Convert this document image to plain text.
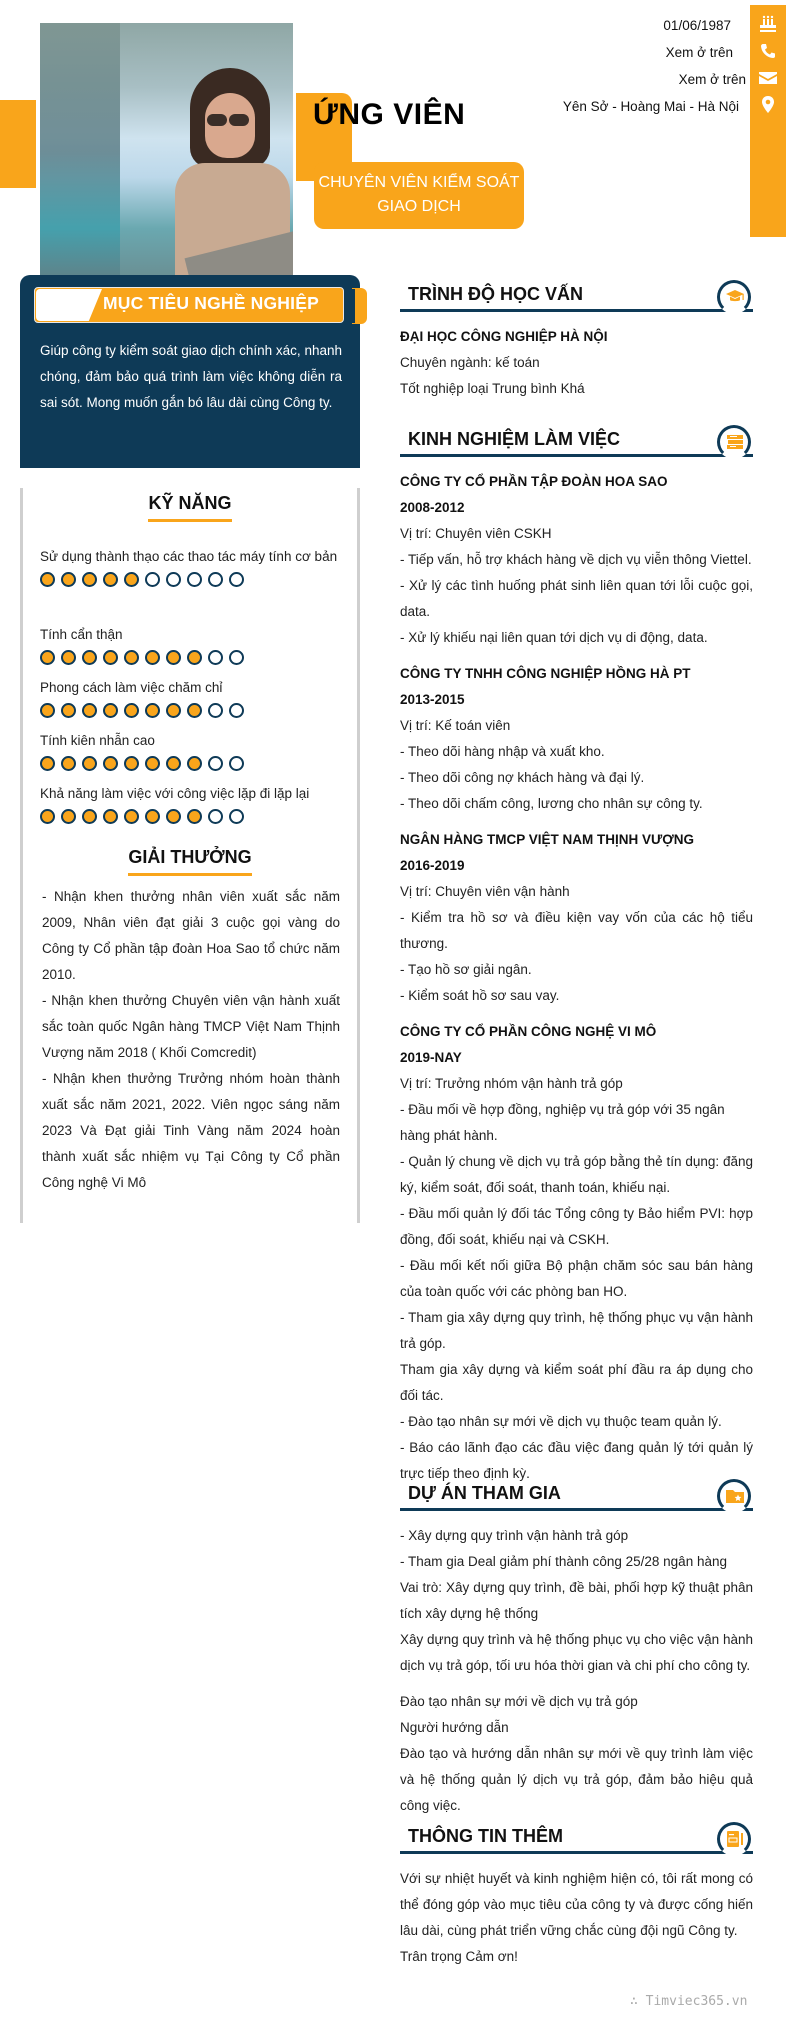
ỨNG VIÊN
CHUYÊN VIÊN KIỂM SOÁT
GIAO DỊCH
01/06/1987
Xem ở trên
Xem ở trên
Yên Sở - Hoàng Mai - Hà Nội
MỤC TIÊU NGHỀ NGHIỆP
Giúp công ty kiểm soát giao dịch chính xác, nhanh chóng, đảm bảo quá trình làm việc không diễn ra sai sót. Mong muốn gắn bó lâu dài cùng Công ty.
KỸ NĂNG
Sử dụng thành thạo các thao tác máy tính cơ bản
Tính cẩn thận
Phong cách làm việc chăm chỉ
Tính kiên nhẫn cao
Khả năng làm việc với công việc lặp đi lặp lại
GIẢI THƯỞNG
- Nhận khen thưởng nhân viên xuất sắc năm 2009, Nhân viên đạt giải 3 cuộc gọi vàng do Công ty Cổ phần tập đoàn Hoa Sao tổ chức năm 2010.
- Nhận khen thưởng Chuyên viên vận hành xuất sắc toàn quốc Ngân hàng TMCP Việt Nam Thịnh Vượng năm 2018 ( Khối Comcredit)
- Nhận khen thưởng Trưởng nhóm hoàn thành xuất sắc năm 2021, 2022. Viên ngọc sáng năm 2023 Và Đạt giải Tinh Vàng năm 2024 hoàn thành xuất sắc nhiệm vụ Tại Công ty Cổ phần Công nghệ Vi Mô
TRÌNH ĐỘ HỌC VẤN
ĐẠI HỌC CÔNG NGHIỆP HÀ NỘI
Chuyên ngành: kế toán
Tốt nghiệp loại Trung bình Khá
KINH NGHIỆM LÀM VIỆC
CÔNG TY CỔ PHẦN TẬP ĐOÀN HOA SAO
2008-2012
Vị trí: Chuyên viên CSKH
- Tiếp vấn, hỗ trợ khách hàng về dịch vụ viễn thông Viettel.
- Xử lý các tình huống phát sinh liên quan tới lỗi cuộc gọi, data.
- Xử lý khiếu nại liên quan tới dịch vụ di động, data.
CÔNG TY TNHH CÔNG NGHIỆP HỒNG HÀ PT
2013-2015
Vị trí: Kế toán viên
- Theo dõi hàng nhập và xuất kho.
- Theo dõi công nợ khách hàng và đại lý.
- Theo dõi chấm công, lương cho nhân sự công ty.
NGÂN HÀNG TMCP VIỆT NAM THỊNH VƯỢNG
2016-2019
Vị trí: Chuyên viên vận hành
- Kiểm tra hồ sơ và điều kiện vay vốn của các hộ tiểu thương.
- Tạo hồ sơ giải ngân.
- Kiểm soát hồ sơ sau vay.
CÔNG TY CỔ PHẦN CÔNG NGHỆ VI MÔ
2019-NAY
Vị trí: Trưởng nhóm vận hành trả góp
- Đầu mối về hợp đồng, nghiệp vụ trả góp với 35 ngân
hàng phát hành.
- Quản lý chung về dịch vụ trả góp bằng thẻ tín dụng: đăng ký, kiểm soát, đối soát, thanh toán, khiếu nại.
- Đầu mối quản lý đối tác Tổng công ty Bảo hiểm PVI: hợp đồng, đối soát, khiếu nại và CSKH.
- Đầu mối kết nối giữa Bộ phận chăm sóc sau bán hàng của toàn quốc với các phòng ban HO.
- Tham gia xây dựng quy trình, hệ thống phục vụ vận hành trả góp.
Tham gia xây dựng và kiểm soát phí đầu ra áp dụng cho đối tác.
- Đào tạo nhân sự mới về dịch vụ thuộc team quản lý.
- Báo cáo lãnh đạo các đầu việc đang quản lý tới quản lý trực tiếp theo định kỳ.
DỰ ÁN THAM GIA
- Xây dựng quy trình vận hành trả góp
- Tham gia Deal giảm phí thành công 25/28 ngân hàng
Vai trò: Xây dựng quy trình, đề bài, phối hợp kỹ thuật phân tích xây dựng hệ thống
Xây dựng quy trình và hệ thống phục vụ cho việc vận hành dịch vụ trả góp, tối ưu hóa thời gian và chi phí cho công ty.
Đào tạo nhân sự mới về dịch vụ trả góp
Người hướng dẫn
Đào tạo và hướng dẫn nhân sự mới về quy trình làm việc và hệ thống quản lý dịch vụ trả góp, đảm bảo hiệu quả công việc.
THÔNG TIN THÊM
Với sự nhiệt huyết và kinh nghiệm hiện có, tôi rất mong có thể đóng góp vào mục tiêu của công ty và được cống hiến lâu dài, cùng phát triển vững chắc cùng đội ngũ Công ty.
Trân trọng Cảm ơn!
∴ Timviec365.vn
